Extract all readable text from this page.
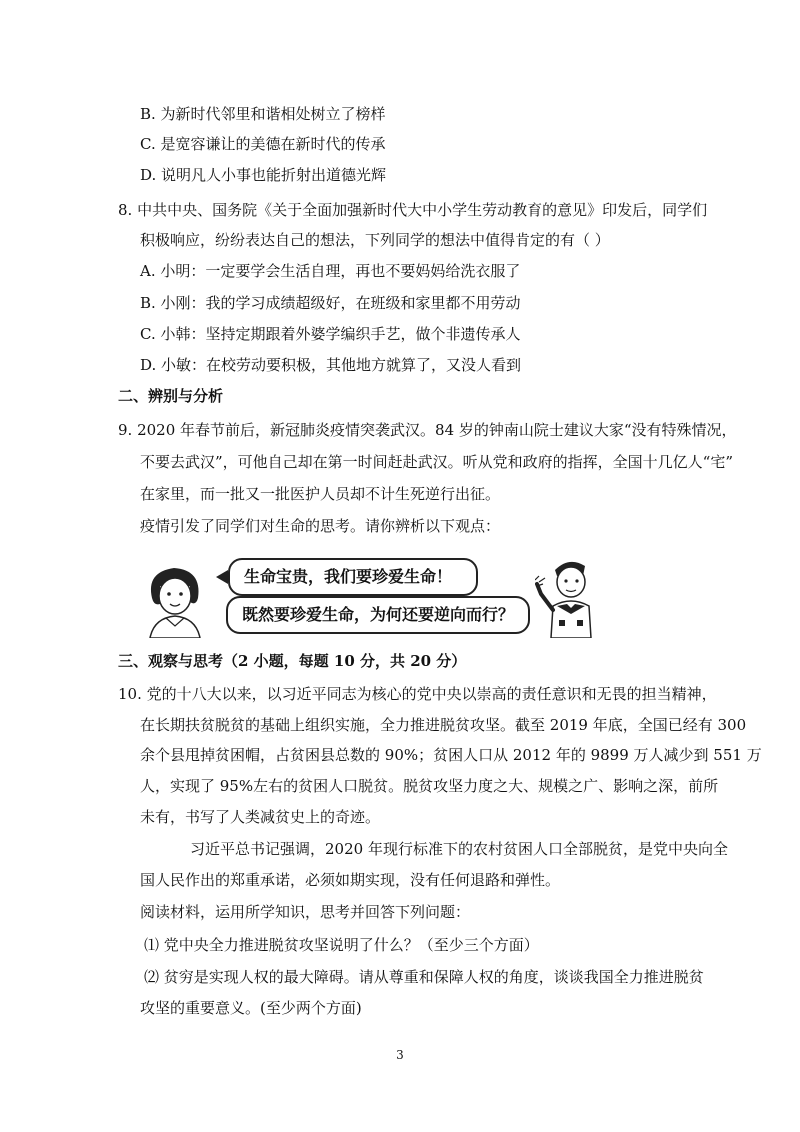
B. 为新时代邻里和谐相处树立了榜样
C. 是宽容谦让的美德在新时代的传承
D. 说明凡人小事也能折射出道德光辉
8. 中共中央、国务院《关于全面加强新时代大中小学生劳动教育的意见》印发后，同学们
积极响应，纷纷表达自己的想法，下列同学的想法中值得肯定的有（ ）
A. 小明：一定要学会生活自理，再也不要妈妈给洗衣服了
B. 小刚：我的学习成绩超级好，在班级和家里都不用劳动
C. 小韩：坚持定期跟着外婆学编织手艺，做个非遗传承人
D. 小敏：在校劳动要积极，其他地方就算了，又没人看到
二、辨别与分析
9. 2020 年春节前后，新冠肺炎疫情突袭武汉。84 岁的钟南山院士建议大家“没有特殊情况，
不要去武汉”，可他自己却在第一时间赶赴武汉。听从党和政府的指挥，全国十几亿人“宅”
在家里，而一批又一批医护人员却不计生死逆行出征。
疫情引发了同学们对生命的思考。请你辨析以下观点：
生命宝贵，我们要珍爱生命！
既然要珍爱生命，为何还要逆向而行？
三、观察与思考（2 小题，每题 10 分，共 20 分）
10. 党的十八大以来，以习近平同志为核心的党中央以崇高的责任意识和无畏的担当精神，
在长期扶贫脱贫的基础上组织实施，全力推进脱贫攻坚。截至 2019 年底，全国已经有 300
余个县甩掉贫困帽，占贫困县总数的 90%；贫困人口从 2012 年的 9899 万人减少到 551 万
人，实现了 95%左右的贫困人口脱贫。脱贫攻坚力度之大、规模之广、影响之深，前所
未有，书写了人类减贫史上的奇迹。
习近平总书记强调，2020 年现行标准下的农村贫困人口全部脱贫，是党中央向全
国人民作出的郑重承诺，必须如期实现，没有任何退路和弹性。
阅读材料，运用所学知识，思考并回答下列问题：
⑴ 党中央全力推进脱贫攻坚说明了什么？（至少三个方面）
⑵ 贫穷是实现人权的最大障碍。请从尊重和保障人权的角度，谈谈我国全力推进脱贫
攻坚的重要意义。(至少两个方面)
3
